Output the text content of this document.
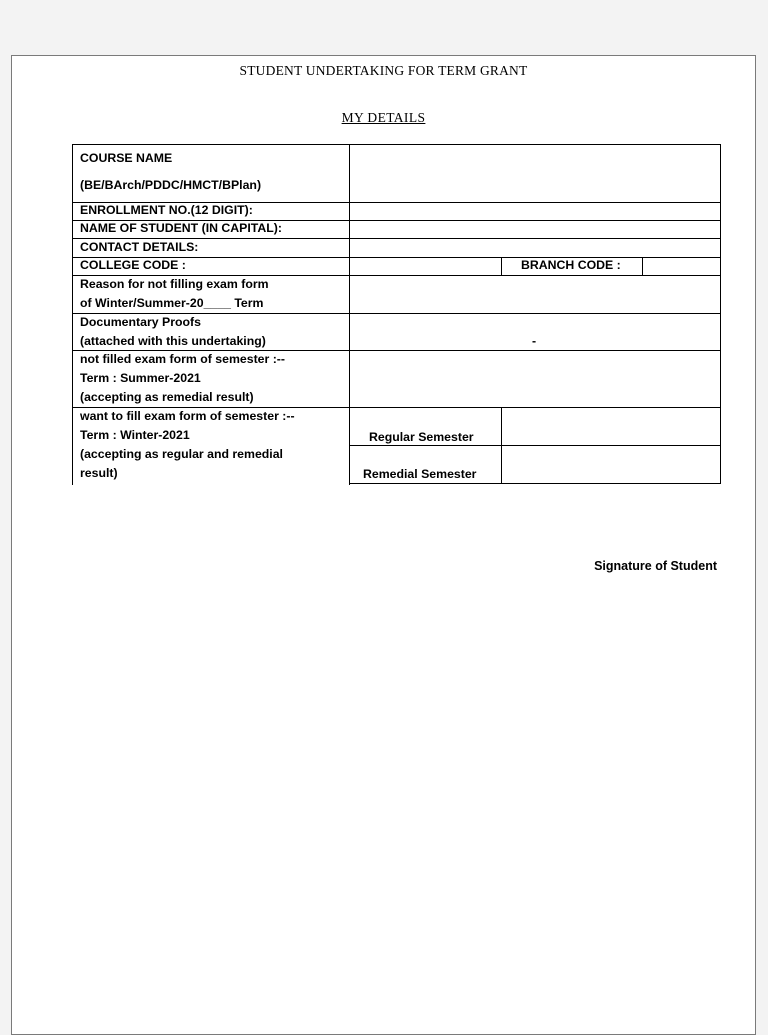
STUDENT UNDERTAKING FOR TERM GRANT
MY DETAILS
COURSE NAME
(BE/BArch/PDDC/HMCT/BPlan)
ENROLLMENT NO.(12 DIGIT):
NAME OF STUDENT (IN CAPITAL):
CONTACT DETAILS:
COLLEGE CODE :	BRANCH CODE :
Reason for not filling exam form
of Winter/Summer-20____ Term
Documentary Proofs
(attached with this undertaking)	-
not filled exam form of semester :--
Term : Summer-2021
(accepting as remedial result)
want to fill exam form of semester :--
Term : Winter-2021
(accepting as regular and remedial
result)
Regular Semester
Remedial Semester
Signature of Student
